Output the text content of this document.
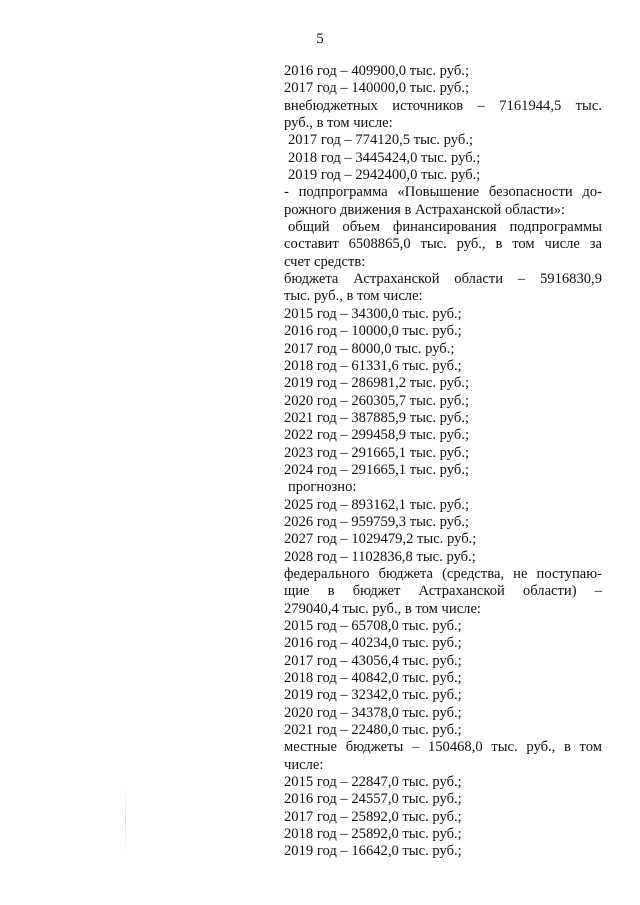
5
2016 год – 409900,0 тыс. руб.;
2017 год – 140000,0 тыс. руб.;
внебюджетных источников – 7161944,5 тыс.
руб., в том числе:
2017 год – 774120,5 тыс. руб.;
2018 год – 3445424,0 тыс. руб.;
2019 год – 2942400,0 тыс. руб.;
- подпрограмма «Повышение безопасности до-
рожного движения в Астраханской области»:
общий объем финансирования подпрограммы
составит 6508865,0 тыс. руб., в том числе за
счет средств:
бюджета Астраханской области – 5916830,9
тыс. руб., в том числе:
2015 год – 34300,0 тыс. руб.;
2016 год – 10000,0 тыс. руб.;
2017 год – 8000,0 тыс. руб.;
2018 год – 61331,6 тыс. руб.;
2019 год – 286981,2 тыс. руб.;
2020 год – 260305,7 тыс. руб.;
2021 год – 387885,9 тыс. руб.;
2022 год – 299458,9 тыс. руб.;
2023 год – 291665,1 тыс. руб.;
2024 год – 291665,1 тыс. руб.;
прогнозно:
2025 год – 893162,1 тыс. руб.;
2026 год – 959759,3 тыс. руб.;
2027 год – 1029479,2 тыс. руб.;
2028 год – 1102836,8 тыс. руб.;
федерального бюджета (средства, не поступаю-
щие в бюджет Астраханской области) –
279040,4 тыс. руб., в том числе:
2015 год – 65708,0 тыс. руб.;
2016 год – 40234,0 тыс. руб.;
2017 год – 43056,4 тыс. руб.;
2018 год – 40842,0 тыс. руб.;
2019 год – 32342,0 тыс. руб.;
2020 год – 34378,0 тыс. руб.;
2021 год – 22480,0 тыс. руб.;
местные бюджеты – 150468,0 тыс. руб., в том
числе:
2015 год – 22847,0 тыс. руб.;
2016 год – 24557,0 тыс. руб.;
2017 год – 25892,0 тыс. руб.;
2018 год – 25892,0 тыс. руб.;
2019 год – 16642,0 тыс. руб.;
